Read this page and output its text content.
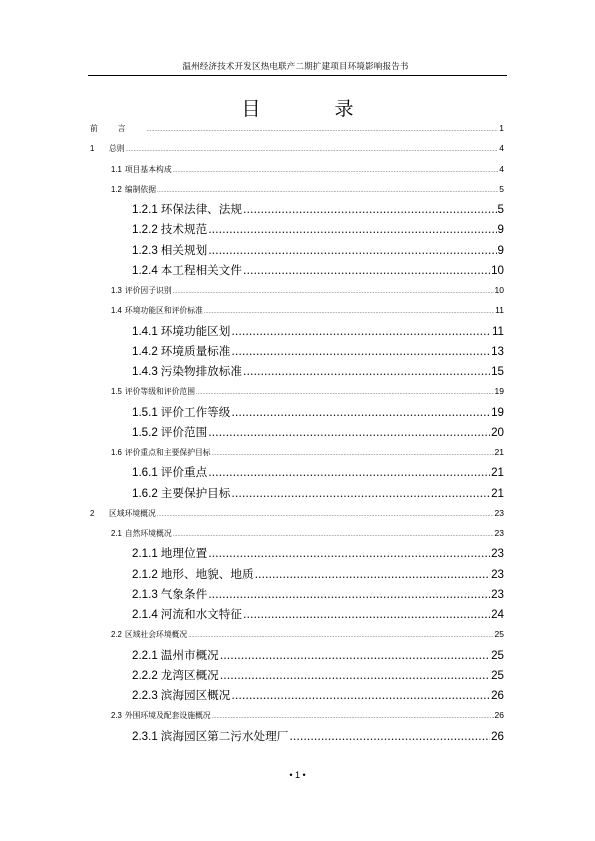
温州经济技术开发区热电联产二期扩建项目环境影响报告书
目 录
前言 .....	1
1	总则 .....	4
1.1 项目基本构成 .....	4
1.2 编制依据 .....	5
1.2.1 环保法律、法规 .....	5
1.2.2 技术规范 .....	9
1.2.3 相关规划 .....	9
1.2.4 本工程相关文件 .....	10
1.3 评价因子识别 .....	10
1.4 环境功能区和评价标准 .....	11
1.4.1 环境功能区划 .....	11
1.4.2 环境质量标准 .....	13
1.4.3 污染物排放标准 .....	15
1.5 评价等级和评价范围 .....	19
1.5.1 评价工作等级 .....	19
1.5.2 评价范围 .....	20
1.6 评价重点和主要保护目标 .....	21
1.6.1 评价重点 .....	21
1.6.2 主要保护目标 .....	21
2	区域环境概况 .....	23
2.1 自然环境概况 .....	23
2.1.1 地理位置 .....	23
2.1.2 地形、地貌、地质 .....	23
2.1.3 气象条件 .....	23
2.1.4 河流和水文特征 .....	24
2.2 区域社会环境概况 .....	25
2.2.1 温州市概况 .....	25
2.2.2 龙湾区概况 .....	25
2.2.3 滨海园区概况 .....	26
2.3 外围环境及配套设施概况 .....	26
2.3.1 滨海园区第二污水处理厂 .....	26
• 1 •
